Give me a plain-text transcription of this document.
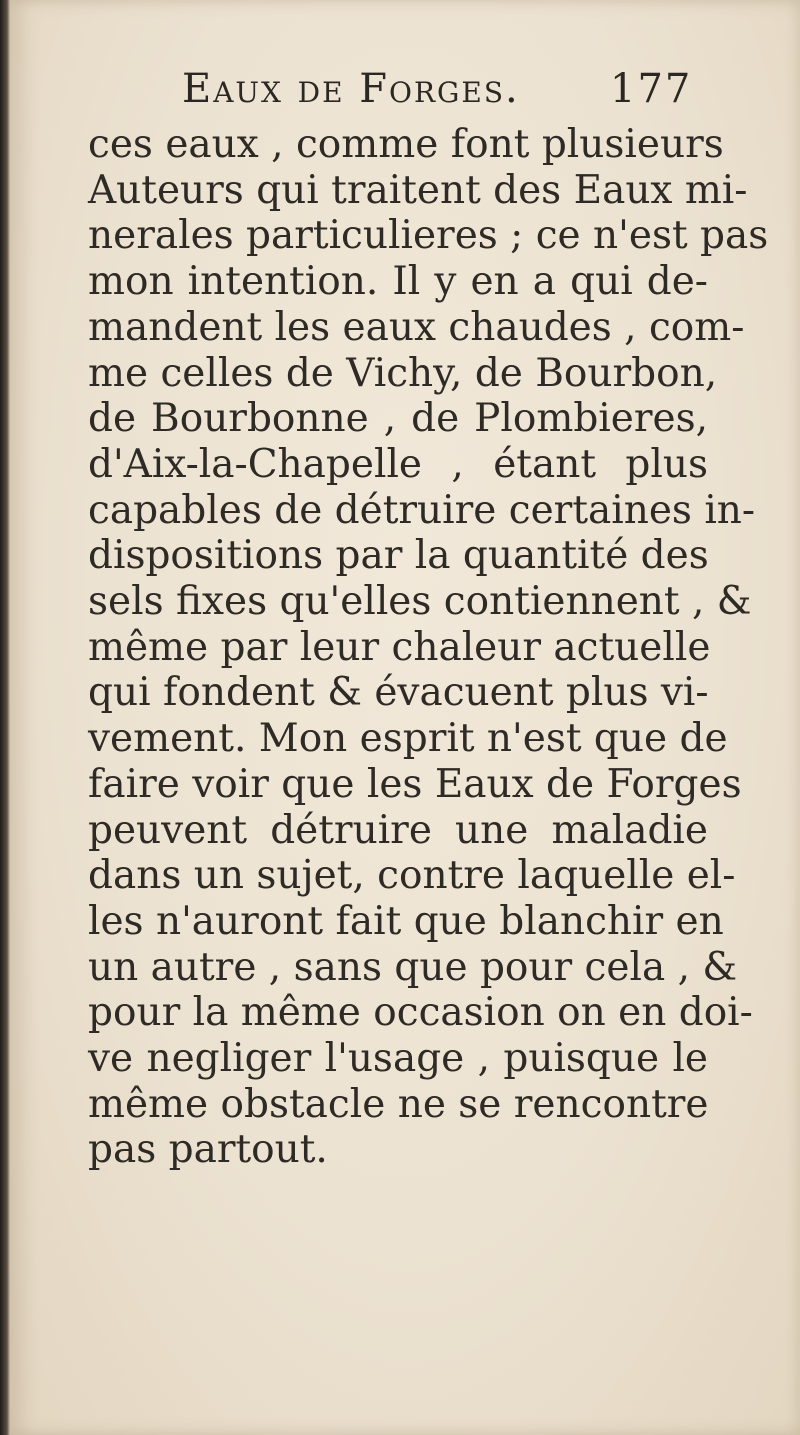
Eaux de Forges. 177
ces eaux , comme font plusieurs
Auteurs qui traitent des Eaux mi-
nerales particulieres ; ce n'est pas
mon intention. Il y en a qui de-
mandent les eaux chaudes , com-
me celles de Vichy, de Bourbon,
de Bourbonne , de Plombieres,
d'Aix-la-Chapelle , étant plus
capables de détruire certaines in-
dispositions par la quantité des
sels fixes qu'elles contiennent , &
même par leur chaleur actuelle
qui fondent & évacuent plus vi-
vement. Mon esprit n'est que de
faire voir que les Eaux de Forges
peuvent détruire une maladie
dans un sujet, contre laquelle el-
les n'auront fait que blanchir en
un autre , sans que pour cela , &
pour la même occasion on en doi-
ve negliger l'usage , puisque le
même obstacle ne se rencontre
pas partout.
